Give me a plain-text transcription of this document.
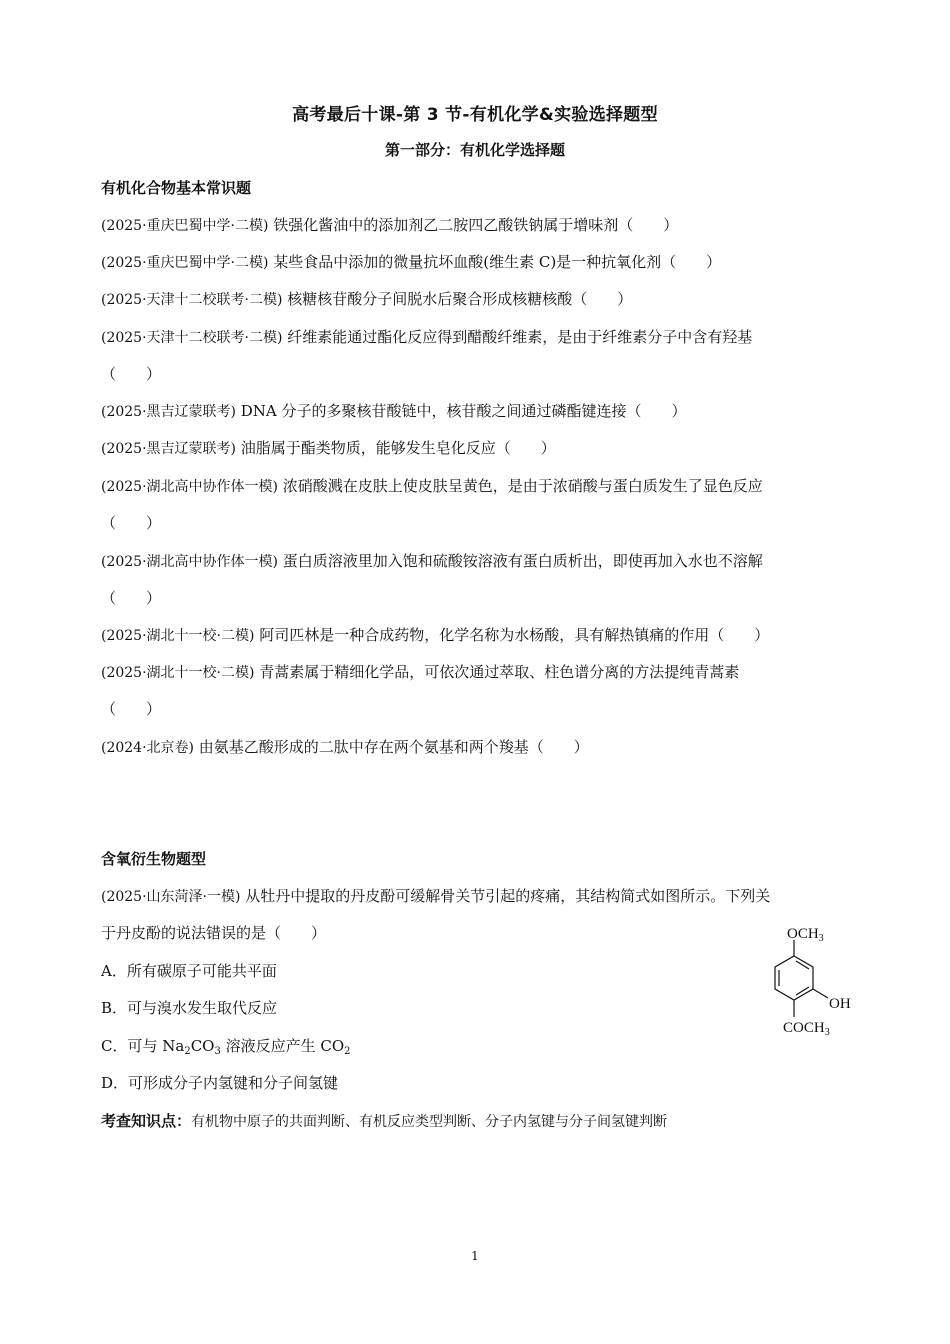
高考最后十课-第 3 节-有机化学&实验选择题型
第一部分：有机化学选择题
有机化合物基本常识题
(2025·重庆巴蜀中学·二模) 铁强化酱油中的添加剂乙二胺四乙酸铁钠属于增味剂（　　）
(2025·重庆巴蜀中学·二模) 某些食品中添加的微量抗坏血酸(维生素 C)是一种抗氧化剂（　　）
(2025·天津十二校联考·二模) 核糖核苷酸分子间脱水后聚合形成核糖核酸（　　）
(2025·天津十二校联考·二模) 纤维素能通过酯化反应得到醋酸纤维素，是由于纤维素分子中含有羟基
（　　）
(2025·黑吉辽蒙联考) DNA 分子的多聚核苷酸链中，核苷酸之间通过磷酯键连接（　　）
(2025·黑吉辽蒙联考) 油脂属于酯类物质，能够发生皂化反应（　　）
(2025·湖北高中协作体一模) 浓硝酸溅在皮肤上使皮肤呈黄色，是由于浓硝酸与蛋白质发生了显色反应
（　　）
(2025·湖北高中协作体一模) 蛋白质溶液里加入饱和硫酸铵溶液有蛋白质析出，即使再加入水也不溶解
（　　）
(2025·湖北十一校·二模) 阿司匹林是一种合成药物，化学名称为水杨酸，具有解热镇痛的作用（　　）
(2025·湖北十一校·二模) 青蒿素属于精细化学品，可依次通过萃取、柱色谱分离的方法提纯青蒿素
（　　）
(2024·北京卷) 由氨基乙酸形成的二肽中存在两个氨基和两个羧基（　　）
含氧衍生物题型
(2025·山东菏泽·一模) 从牡丹中提取的丹皮酚可缓解骨关节引起的疼痛，其结构简式如图所示。下列关
于丹皮酚的说法错误的是（　　）
A．所有碳原子可能共平面
B．可与溴水发生取代反应
C．可与 $Na_2CO_3$ 溶液反应产生 $CO_2$
D．可形成分子内氢键和分子间氢键
$OCH_3$
OH
$COCH_3$
考查知识点：有机物中原子的共面判断、有机反应类型判断、分子内氢键与分子间氢键判断
1
